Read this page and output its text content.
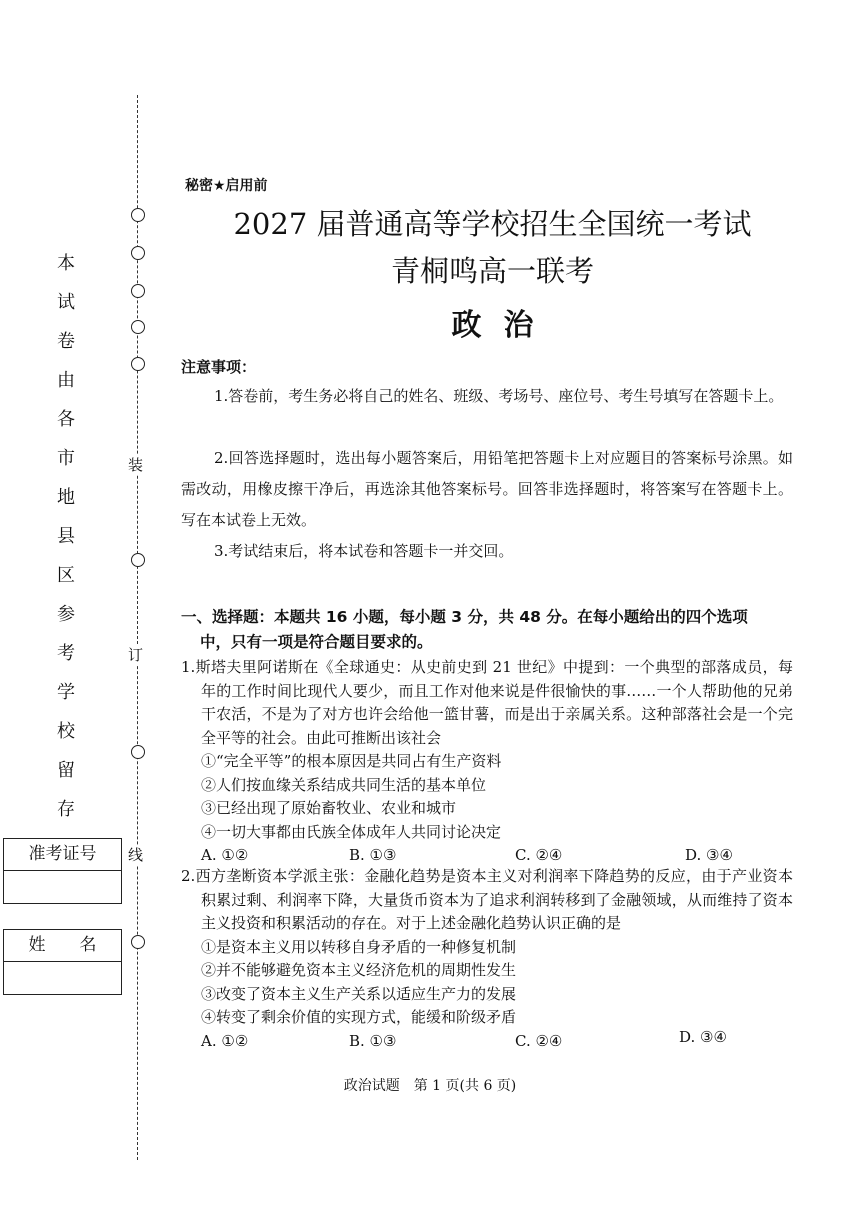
装
订
线
本
试
卷
由
各
市
地
县
区
参
考
学
校
留
存
准考证号
姓　　名
秘密★启用前
2027 届普通高等学校招生全国统一考试
青桐鸣高一联考
政治
注意事项：
1.答卷前，考生务必将自己的姓名、班级、考场号、座位号、考生号填写在答题卡上。
2.回答选择题时，选出每小题答案后，用铅笔把答题卡上对应题目的答案标号涂黑。如需改动，用橡皮擦干净后，再选涂其他答案标号。回答非选择题时，将答案写在答题卡上。写在本试卷上无效。
3.考试结束后，将本试卷和答题卡一并交回。
一、选择题：本题共 16 小题，每小题 3 分，共 48 分。在每小题给出的四个选项
中，只有一项是符合题目要求的。
1.斯塔夫里阿诺斯在《全球通史：从史前史到 21 世纪》中提到：一个典型的部落成员，每年的工作时间比现代人要少，而且工作对他来说是件很愉快的事……一个人帮助他的兄弟干农活，不是为了对方也许会给他一篮甘薯，而是出于亲属关系。这种部落社会是一个完全平等的社会。由此可推断出该社会
①“完全平等”的根本原因是共同占有生产资料
②人们按血缘关系结成共同生活的基本单位
③已经出现了原始畜牧业、农业和城市
④一切大事都由氏族全体成年人共同讨论决定
A. ①②	B. ①③	C. ②④	D. ③④
2.西方垄断资本学派主张：金融化趋势是资本主义对利润率下降趋势的反应，由于产业资本积累过剩、利润率下降，大量货币资本为了追求利润转移到了金融领域，从而维持了资本主义投资和积累活动的存在。对于上述金融化趋势认识正确的是
①是资本主义用以转移自身矛盾的一种修复机制
②并不能够避免资本主义经济危机的周期性发生
③改变了资本主义生产关系以适应生产力的发展
④转变了剩余价值的实现方式，能缓和阶级矛盾
A. ①②	B. ①③	C. ②④	D. ③④
政治试题　第 1 页(共 6 页)
